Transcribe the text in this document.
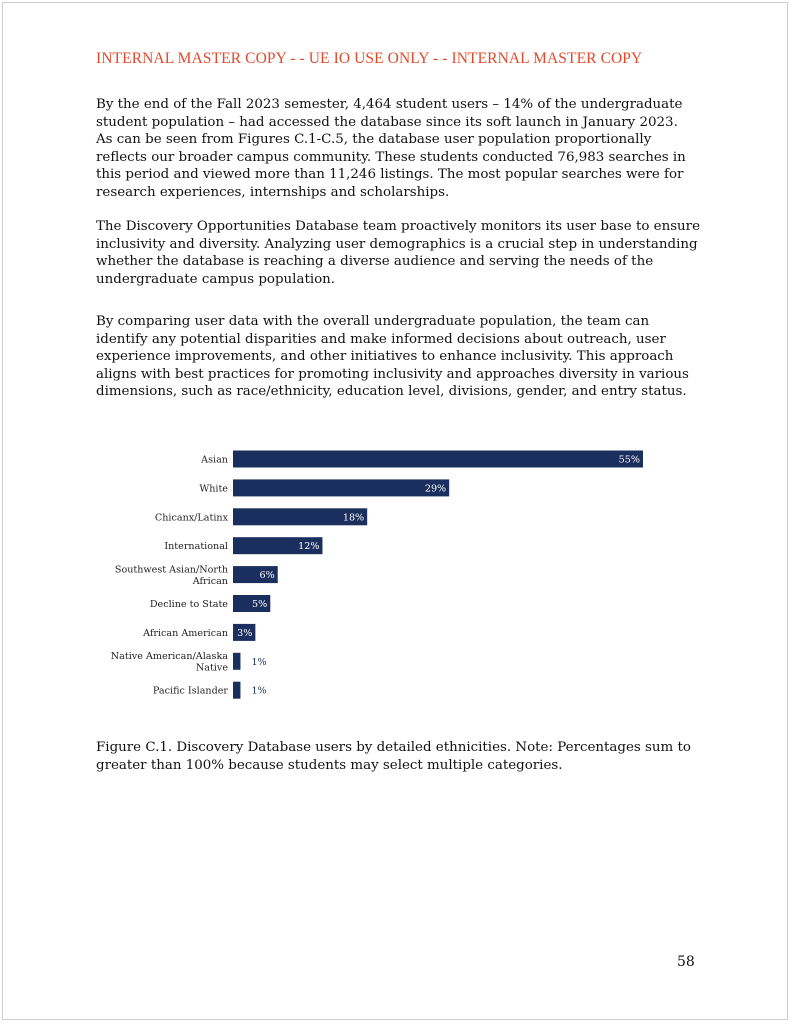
INTERNAL MASTER COPY - - UE IO USE ONLY - - INTERNAL MASTER COPY
By the end of the Fall 2023 semester, 4,464 student users – 14% of the undergraduate
student population – had accessed the database since its soft launch in January 2023.
As can be seen from Figures C.1-C.5, the database user population proportionally
reflects our broader campus community. These students conducted 76,983 searches in
this period and viewed more than 11,246 listings. The most popular searches were for
research experiences, internships and scholarships.
The Discovery Opportunities Database team proactively monitors its user base to ensure
inclusivity and diversity. Analyzing user demographics is a crucial step in understanding
whether the database is reaching a diverse audience and serving the needs of the
undergraduate campus population.
By comparing user data with the overall undergraduate population, the team can
identify any potential disparities and make informed decisions about outreach, user
experience improvements, and other initiatives to enhance inclusivity. This approach
aligns with best practices for promoting inclusivity and approaches diversity in various
dimensions, such as race/ethnicity, education level, divisions, gender, and entry status.
Asian	55%
White	29%
Chicanx/Latinx	18%
International	12%
Southwest Asian/North
African
6%
Decline to State	5%
African American 3%
Native American/Alaska
Native
1%
Pacific Islander 1%
Figure C.1. Discovery Database users by detailed ethnicities. Note: Percentages sum to
greater than 100% because students may select multiple categories.
58
